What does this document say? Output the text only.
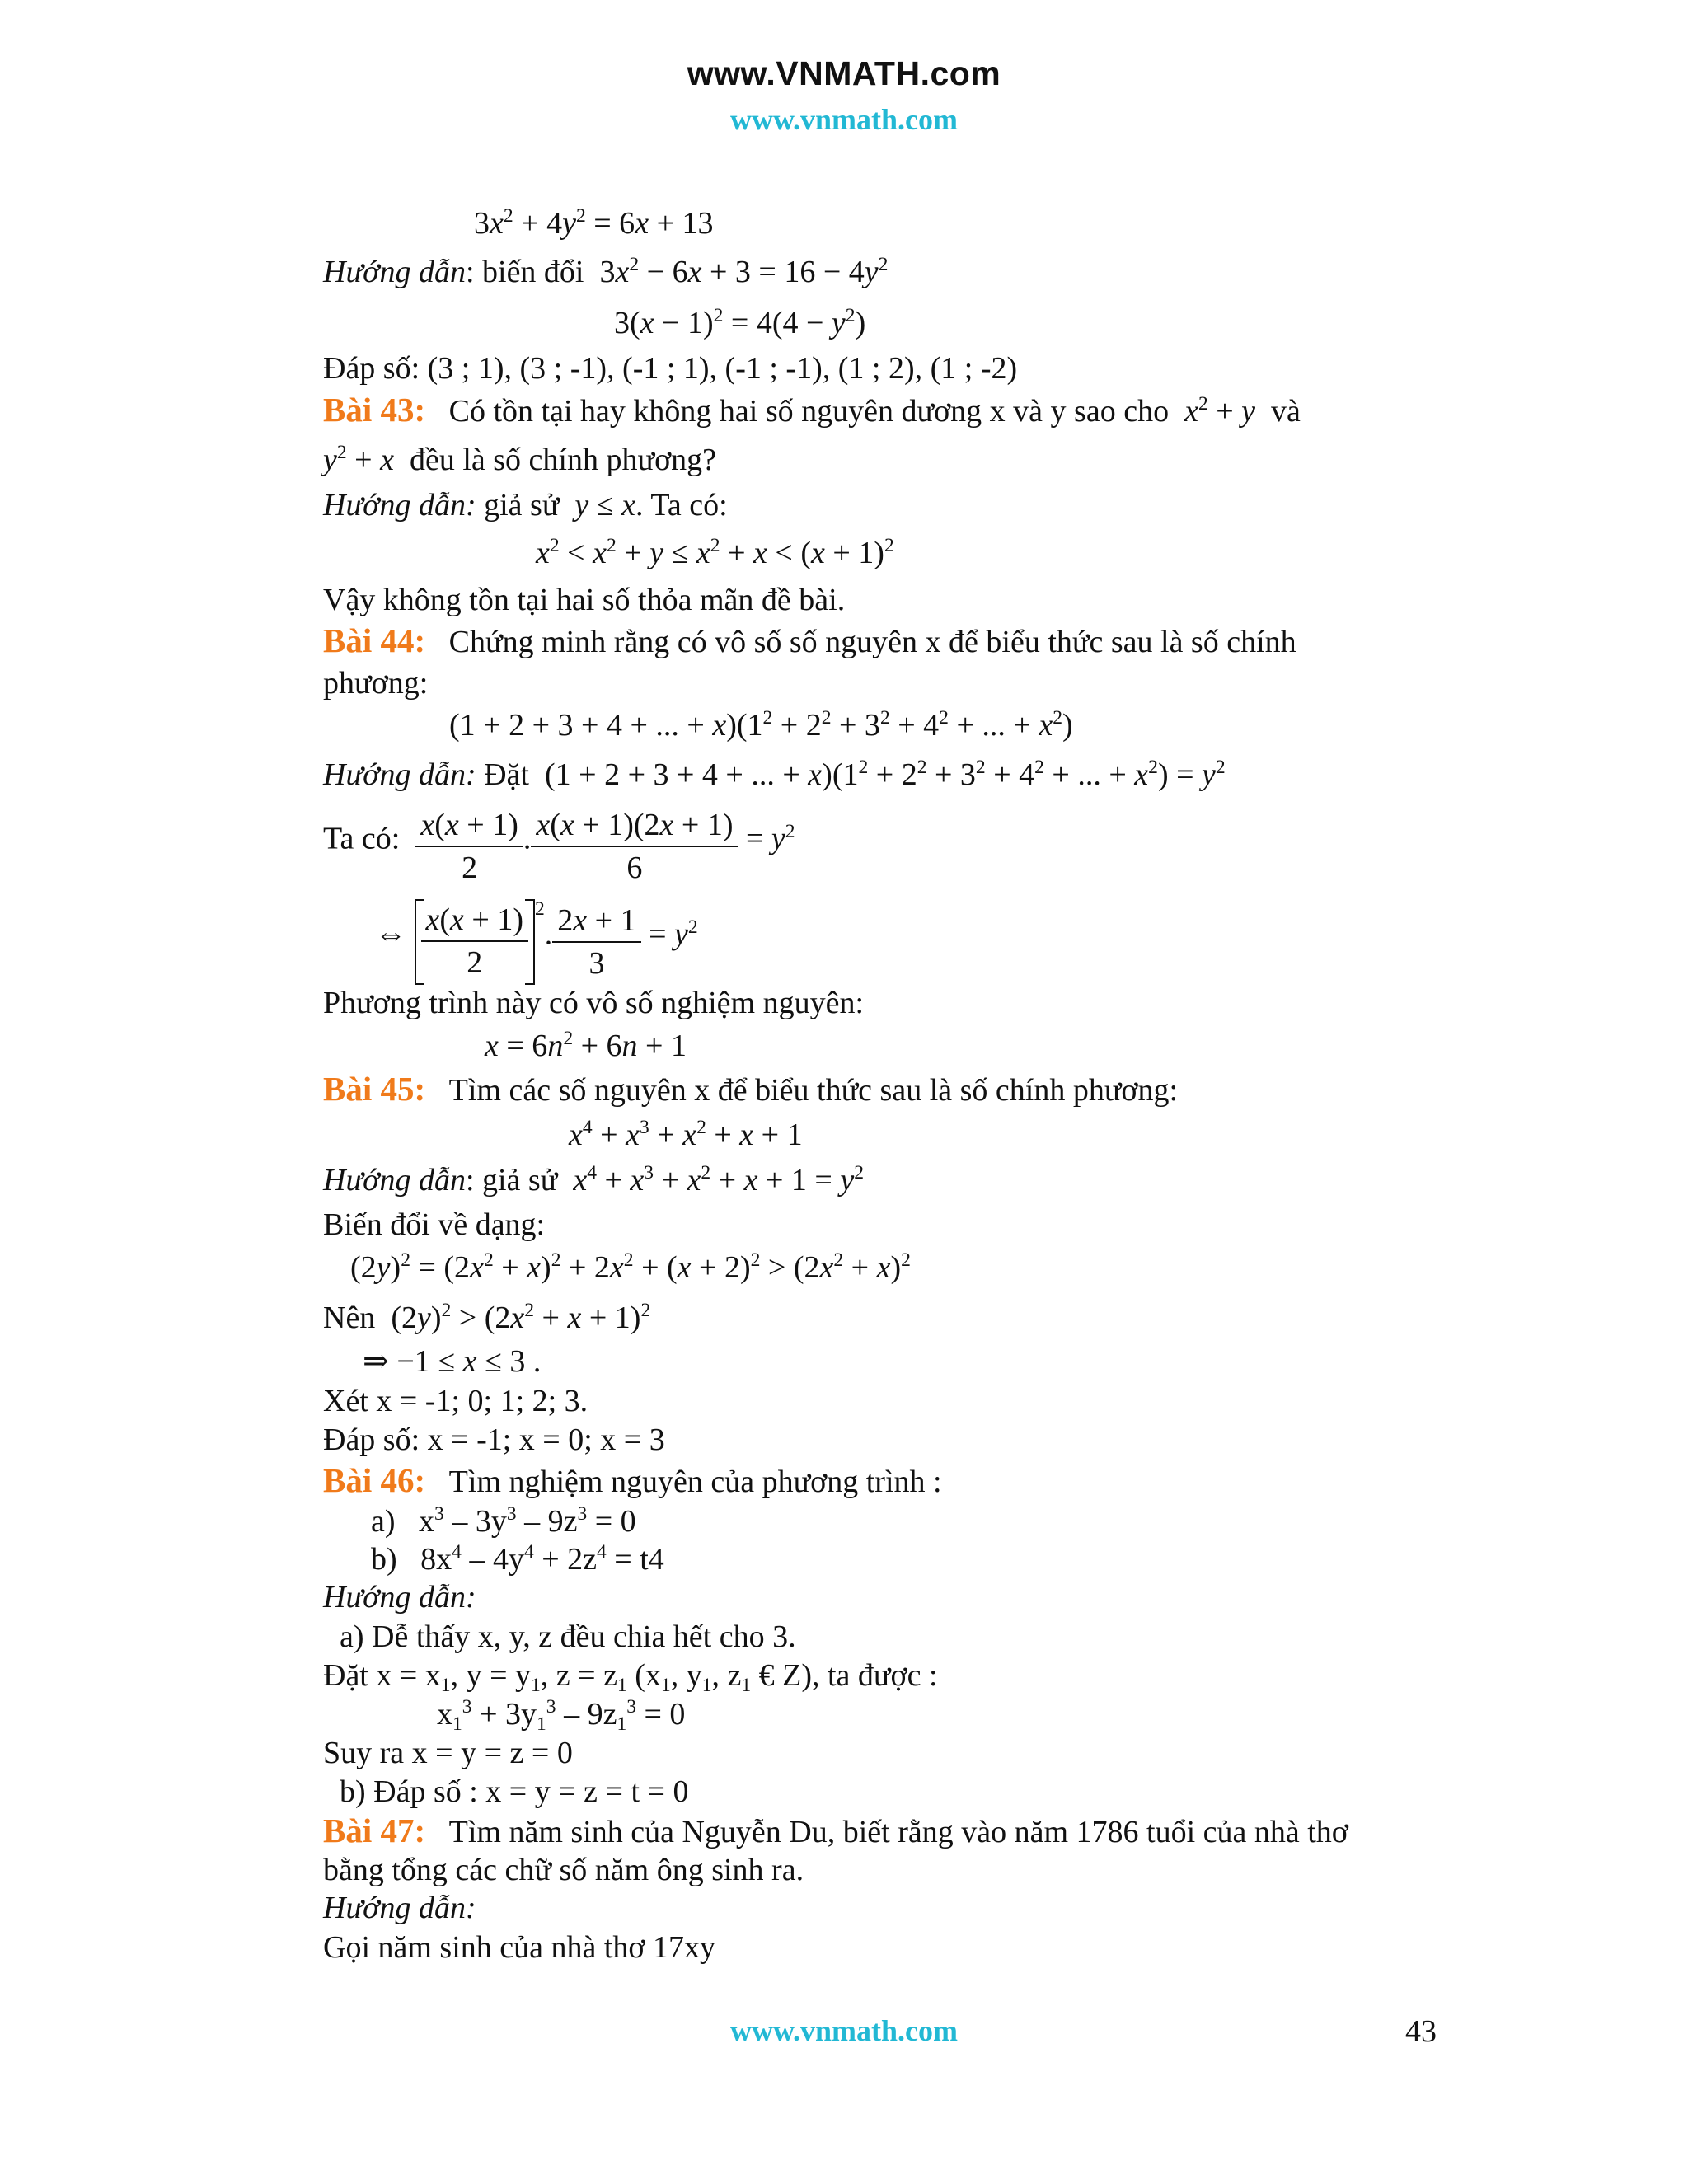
www.VNMATH.com
www.vnmath.com
$3x^2 + 4y^2 = 6x + 13$
Hướng dẫn: biến đổi  $3x^2 - 6x + 3 = 16 - 4y^2$
$3(x - 1)^2 = 4(4 - y^2)$
Đáp số: (3 ; 1), (3 ; -1), (-1 ; 1), (-1 ; -1), (1 ; 2), (1 ; -2)
Bài 43: Có tồn tại hay không hai số nguyên dương x và y sao cho $x^2 + y$ và
$y^2 + x$ đều là số chính phương?
Hướng dẫn: giả sử y ≤ x. Ta có:
$x^2 < x^2 + y \le x^2 + x < (x + 1)^2$
Vậy không tồn tại hai số thỏa mãn đề bài.
Bài 44: Chứng minh rằng có vô số số nguyên x để biểu thức sau là số chính
phương:
(1 + 2 + 3 + 4 + ... + $x)(1^2 + 2^2 + 3^2 + 4^2$ + ... + $x^2$)
Hướng dẫn: Đặt  (1 + 2 + 3 + 4 + ... + $x)(1^2 + 2^2 + 3^2 + 4^2$ + ... + $x^2) = y^2$
Ta có: $\frac{x(x + 1)}{2}$ . $\frac{x(x + 1)(2x + 1)}{6} = y^2$
⇔ $\frac{x(x + 1)}{2} ^2$. $\frac{2x + 1}{3} = y^2$
Phương trình này có vô số nghiệm nguyên:
$x = 6n^2 + 6n + 1$
Bài 45: Tìm các số nguyên x để biểu thức sau là số chính phương:
$x^4 + x^3 + x^2 + x + 1$
Hướng dẫn: giả sử $x^4 + x^3 + x^2 + x + 1 = y^2$
Biến đổi về dạng:
$(2y)^2 = (2x^2 + x)^2 + 2x^2 + (x + 2)^2 > (2x^2 + x)^2$
Nên  $(2y)^2 > (2x^2 + x + 1)^2$
⇒ −1 ≤ x ≤ 3 .
Xét x = -1; 0; 1; 2; 3.
Đáp số: x = -1; x = 0; x = 3
Bài 46: Tìm nghiệm nguyên của phương trình :
a)   $x^3 - 3y^3 - 9z^3 = 0$
b)   $8x^4 - 4y^4 + 2z^4 = t4$
Hướng dẫn:
a) Dễ thấy x, y, z đều chia hết cho 3.
Đặt $x = x_1$, $y = y_1$, $z = z_1$ ($x_1$, $y_1$, $z_1$ € Z), ta được :
$x_1^3 + 3y_1^3 - 9z_1^3 = 0$
Suy ra x = y = z = 0
b) Đáp số : x = y = z = t = 0
Bài 47: Tìm năm sinh của Nguyễn Du, biết rằng vào năm 1786 tuổi của nhà thơ
bằng tổng các chữ số năm ông sinh ra.
Hướng dẫn:
Gọi năm sinh của nhà thơ 17xy
www.vnmath.com	43
